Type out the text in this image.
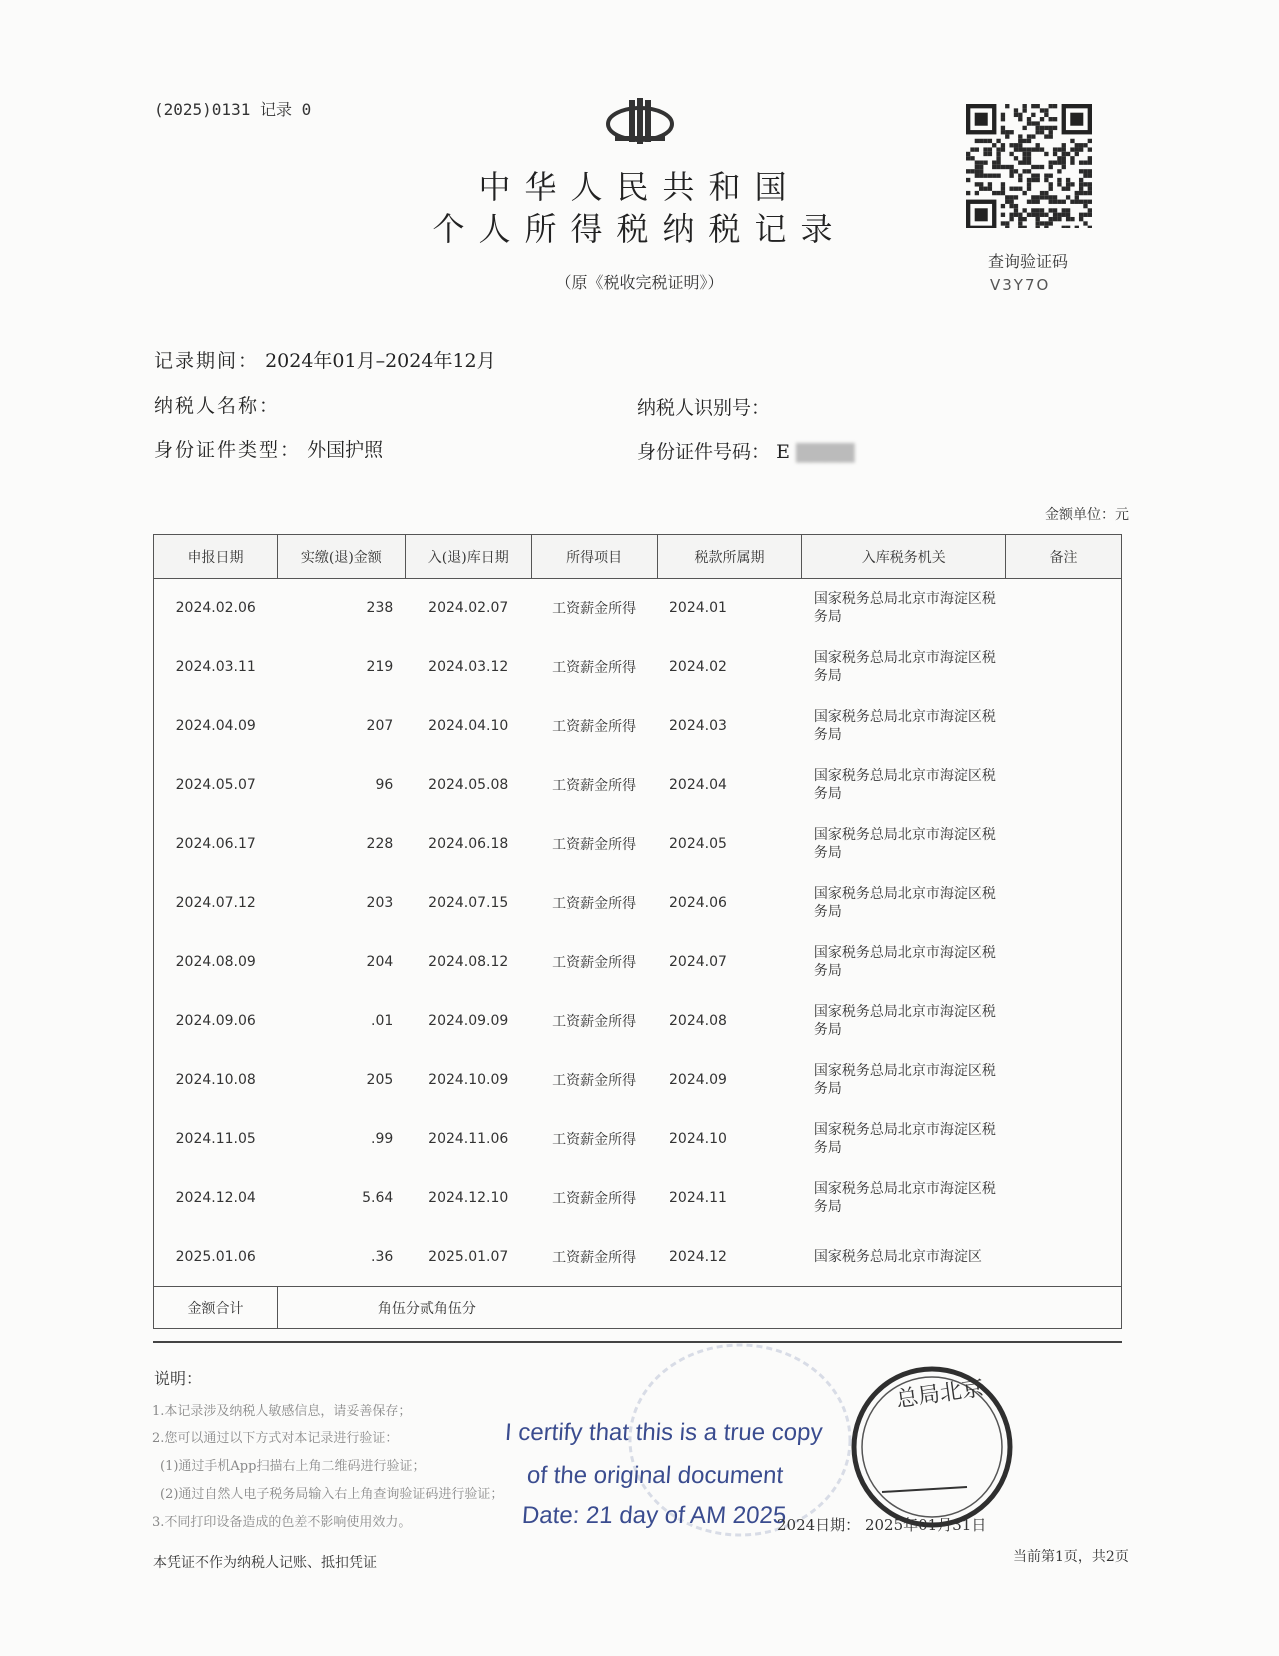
(2025)0131 记录 0
中华人民共和国
个人所得税纳税记录
（原《税收完税证明》）
查询验证码
V3Y7O
记录期间： 2024年01月–2024年12月
纳税人名称：	纳税人识别号：
身份证件类型： 外国护照	身份证件号码： E ▇▇▇▇
金额单位：元
申报日期	实缴(退)金额	入(退)库日期	所得项目	税款所属期	入库税务机关	备注
2024.02.06	238	2024.02.07	工资薪金所得	2024.01	国家税务总局北京市海淀区税务局	
2024.03.11	219	2024.03.12	工资薪金所得	2024.02	国家税务总局北京市海淀区税务局	
2024.04.09	207	2024.04.10	工资薪金所得	2024.03	国家税务总局北京市海淀区税务局	
2024.05.07	96	2024.05.08	工资薪金所得	2024.04	国家税务总局北京市海淀区税务局	
2024.06.17	228	2024.06.18	工资薪金所得	2024.05	国家税务总局北京市海淀区税务局	
2024.07.12	203	2024.07.15	工资薪金所得	2024.06	国家税务总局北京市海淀区税务局	
2024.08.09	204	2024.08.12	工资薪金所得	2024.07	国家税务总局北京市海淀区税务局	
2024.09.06	.01	2024.09.09	工资薪金所得	2024.08	国家税务总局北京市海淀区税务局	
2024.10.08	205	2024.10.09	工资薪金所得	2024.09	国家税务总局北京市海淀区税务局	
2024.11.05	.99	2024.11.06	工资薪金所得	2024.10	国家税务总局北京市海淀区税务局	
2024.12.04	5.64	2024.12.10	工资薪金所得	2024.11	国家税务总局北京市海淀区税务局	
2025.01.06	.36	2025.01.07	工资薪金所得	2024.12	国家税务总局北京市海淀区	
金额合计	角伍分贰角伍分					
说明：
1.本记录涉及纳税人敏感信息，请妥善保存；
2.您可以通过以下方式对本记录进行验证：
(1)通过手机App扫描右上角二维码进行验证；
(2)通过自然人电子税务局输入右上角查询验证码进行验证；
3.不同打印设备造成的色差不影响使用效力。
I certify that this is a true copy
of the original document
Date: 21 day of AM 2025
总局北京
2024日期： 2025年01月31日
本凭证不作为纳税人记账、抵扣凭证	当前第1页，共2页
